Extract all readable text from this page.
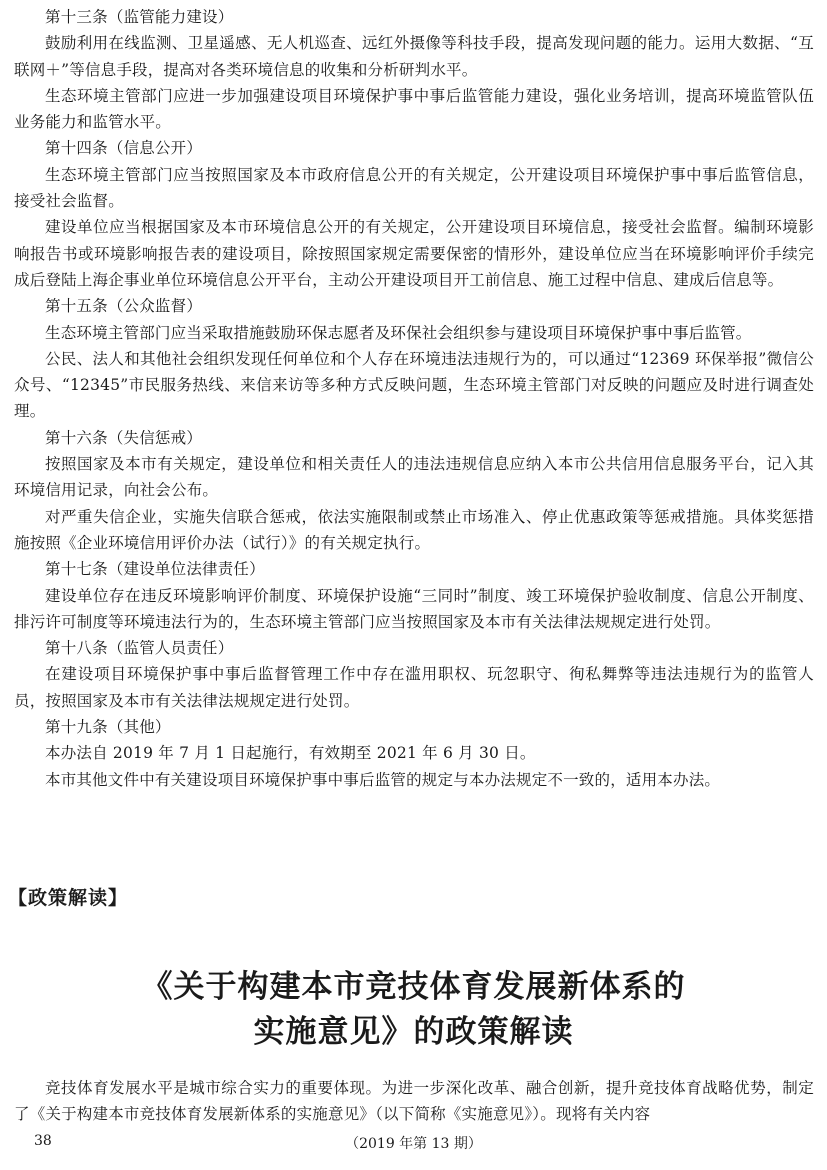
第十三条（监管能力建设）

鼓励利用在线监测、卫星遥感、无人机巡查、远红外摄像等科技手段，提高发现问题的能力。运用大数据、“互联网＋”等信息手段，提高对各类环境信息的收集和分析研判水平。

生态环境主管部门应进一步加强建设项目环境保护事中事后监管能力建设，强化业务培训，提高环境监管队伍业务能力和监管水平。

第十四条（信息公开）

生态环境主管部门应当按照国家及本市政府信息公开的有关规定，公开建设项目环境保护事中事后监管信息，接受社会监督。

建设单位应当根据国家及本市环境信息公开的有关规定，公开建设项目环境信息，接受社会监督。编制环境影响报告书或环境影响报告表的建设项目，除按照国家规定需要保密的情形外，建设单位应当在环境影响评价手续完成后登陆上海企事业单位环境信息公开平台，主动公开建设项目开工前信息、施工过程中信息、建成后信息等。

第十五条（公众监督）

生态环境主管部门应当采取措施鼓励环保志愿者及环保社会组织参与建设项目环境保护事中事后监管。

公民、法人和其他社会组织发现任何单位和个人存在环境违法违规行为的，可以通过“12369 环保举报”微信公众号、“12345”市民服务热线、来信来访等多种方式反映问题，生态环境主管部门对反映的问题应及时进行调查处理。

第十六条（失信惩戒）

按照国家及本市有关规定，建设单位和相关责任人的违法违规信息应纳入本市公共信用信息服务平台，记入其环境信用记录，向社会公布。

对严重失信企业，实施失信联合惩戒，依法实施限制或禁止市场准入、停止优惠政策等惩戒措施。具体奖惩措施按照《企业环境信用评价办法（试行）》的有关规定执行。

第十七条（建设单位法律责任）

建设单位存在违反环境影响评价制度、环境保护设施“三同时”制度、竣工环境保护验收制度、信息公开制度、排污许可制度等环境违法行为的，生态环境主管部门应当按照国家及本市有关法律法规规定进行处罚。

第十八条（监管人员责任）

在建设项目环境保护事中事后监督管理工作中存在滥用职权、玩忽职守、徇私舞弊等违法违规行为的监管人员，按照国家及本市有关法律法规规定进行处罚。

第十九条（其他）

本办法自 2019 年 7 月 1 日起施行，有效期至 2021 年 6 月 30 日。

本市其他文件中有关建设项目环境保护事中事后监管的规定与本办法规定不一致的，适用本办法。

【政策解读】
《关于构建本市竞技体育发展新体系的
实施意见》的政策解读

竞技体育发展水平是城市综合实力的重要体现。为进一步深化改革、融合创新，提升竞技体育战略优势，制定了《关于构建本市竞技体育发展新体系的实施意见》（以下简称《实施意见》）。现将有关内容

38	（2019 年第 13 期）
